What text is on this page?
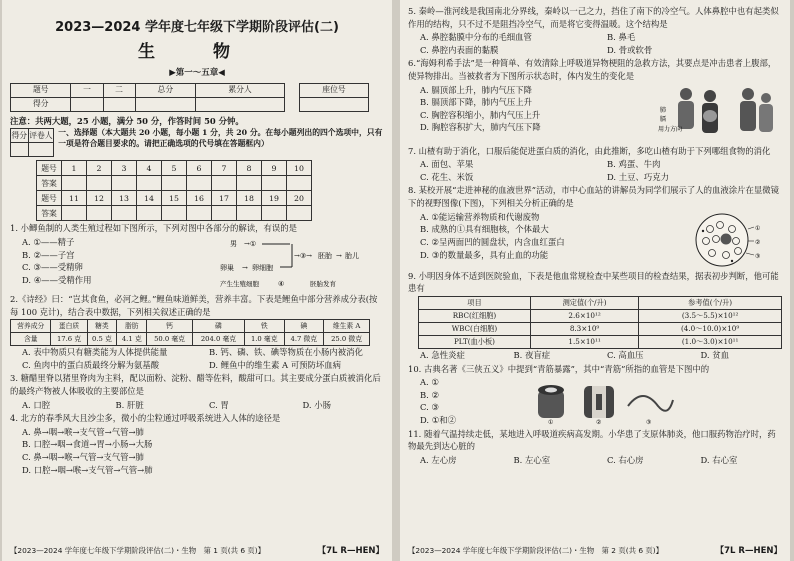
2023—2024 学年度七年级下学期阶段评估(二)
生 物
▶第一～五章◀
题号	一	二	总分	累分人
得分				
座位号

注意：共两大题，25 小题，满分 50 分，作答时间 50 分钟。
得分	评卷人
	一、选择题（本大题共 20 小题，每小题 1 分，共 20 分。在每小题列出的四个选项中，只有一项是符合题目要求的。请把正确选项的代号填在答题框内）
题号	1	2	3	4	5	6	7	8	9	10
答案										
题号	11	12	13	14	15	16	17	18	19	20
答案										
1. 小鲫鱼制的人类生殖过程如下图所示，下列对图中各部分的解读，有误的是
A. ①——精子
B. ②——子宫
C. ③——受精卵
D. ④——受精作用
男 →①
卵巢 → 卵细胞
→③→ 胚胎 → 胎儿
产生生殖细胞	④	胚胎发育
2.《诗经》曰：“岂其食鱼，必河之鲤。”鲤鱼味道鲜美，营养丰富。下表是鲤鱼中部分营养成分表(按每 100 克计)，结合表中数据，下列相关叙述正确的是
营养成分	蛋白质	糖类	脂肪	钙	磷	铁	碘	维生素 A
含量	17.6 克	0.5 克	4.1 克	50.0 毫克	204.0 毫克	1.0 毫克	4.7 微克	25.0 微克
A. 表中物质只有糖类能为人体提供能量	B. 钙、磷、铁、碘等物质在小肠内被消化
C. 鱼肉中的蛋白质最终分解为氨基酸	D. 鲤鱼中的维生素 A 可预防坏血病
3. 糖醋里脊以猪里脊肉为主料，配以面粉、淀粉、醋等佐料，酸甜可口。其主要成分蛋白质被消化后的最终产物被人体吸收的主要部位是
A. 口腔	B. 肝脏	C. 胃	D. 小肠
4. 北方的春季风大且沙尘多，微小的尘粒通过呼吸系统进入人体的途径是
A. 鼻→咽→喉→支气管→气管→肺
B. 口腔→咽→食道→胃→小肠→大肠
C. 鼻→咽→喉→气管→支气管→肺
D. 口腔→咽→喉→支气管→气管→肺
【2023—2024 学年度七年级下学期阶段评估(二)・生物　第 1 页(共 6 页)】	【7L R—HEN】
5. 秦岭—淮河线是我国南北分界线，秦岭以一己之力，挡住了南下的冷空气。人体鼻腔中也有起类似作用的结构，只不过不是阻挡冷空气，而是将它变得温暖。这个结构是
A. 鼻腔黏膜中分布的毛细血管	B. 鼻毛
C. 鼻腔内表面的黏膜	D. 骨或软骨
6.“海姆利希手法”是一种简单、有效清除上呼吸道异物梗阻的急救方法，其要点是冲击患者上腹部，使异物排出。当被救者为下图所示状态时，体内发生的变化是
A. 膈顶部上升，肺内气压下降
B. 膈顶部下降，肺内气压上升
C. 胸腔容积缩小，肺内气压上升
D. 胸腔容积扩大，肺内气压下降
肺
膈
用力方向
7. 山楂有助于消化，口服后能促进蛋白质的消化，由此推断，多吃山楂有助于下列哪组食物的消化
A. 面包、苹果	B. 鸡蛋、牛肉
C. 花生、米饭	D. 土豆、巧克力
8. 某校开展“走进神秘的血液世界”活动，市中心血站的讲解员为同学们展示了人的血液涂片在显微镜下的视野图像(下图)，下列相关分析正确的是
A. ①能运输营养物质和代谢废物
B. 成熟的①具有细胞核，个体最大
C. ②呈两面凹的圆盘状，内含血红蛋白
D. ③的数量最多，具有止血的功能
①
②
③
9. 小明因身体不适到医院验血，下表是他血常规检查中某些项目的检查结果，据表初步判断，他可能患有
项目	测定值(个/升)	参考值(个/升)
RBC(红细胞)	2.6×10¹²	(3.5～5.5)×10¹²
WBC(白细胞)	8.3×10⁹	(4.0～10.0)×10⁹
PLT(血小板)	1.5×10¹¹	(1.0～3.0)×10¹¹
A. 急性炎症	B. 夜盲症	C. 高血压	D. 贫血
10. 古典名著《三侠五义》中提到“青筋暴露”，其中“青筋”所指的血管是下图中的
A. ①
B. ②
C. ③
D. ①和②	①	②	③
11. 随着气温持续走低，某地进入呼吸道疾病高发期。小华患了支原体肺炎，他口服药物治疗时，药物最先到达心脏的
A. 左心房	B. 左心室	C. 右心房	D. 右心室
【2023—2024 学年度七年级下学期阶段评估(二)・生物　第 2 页(共 6 页)】	【7L R—HEN】
